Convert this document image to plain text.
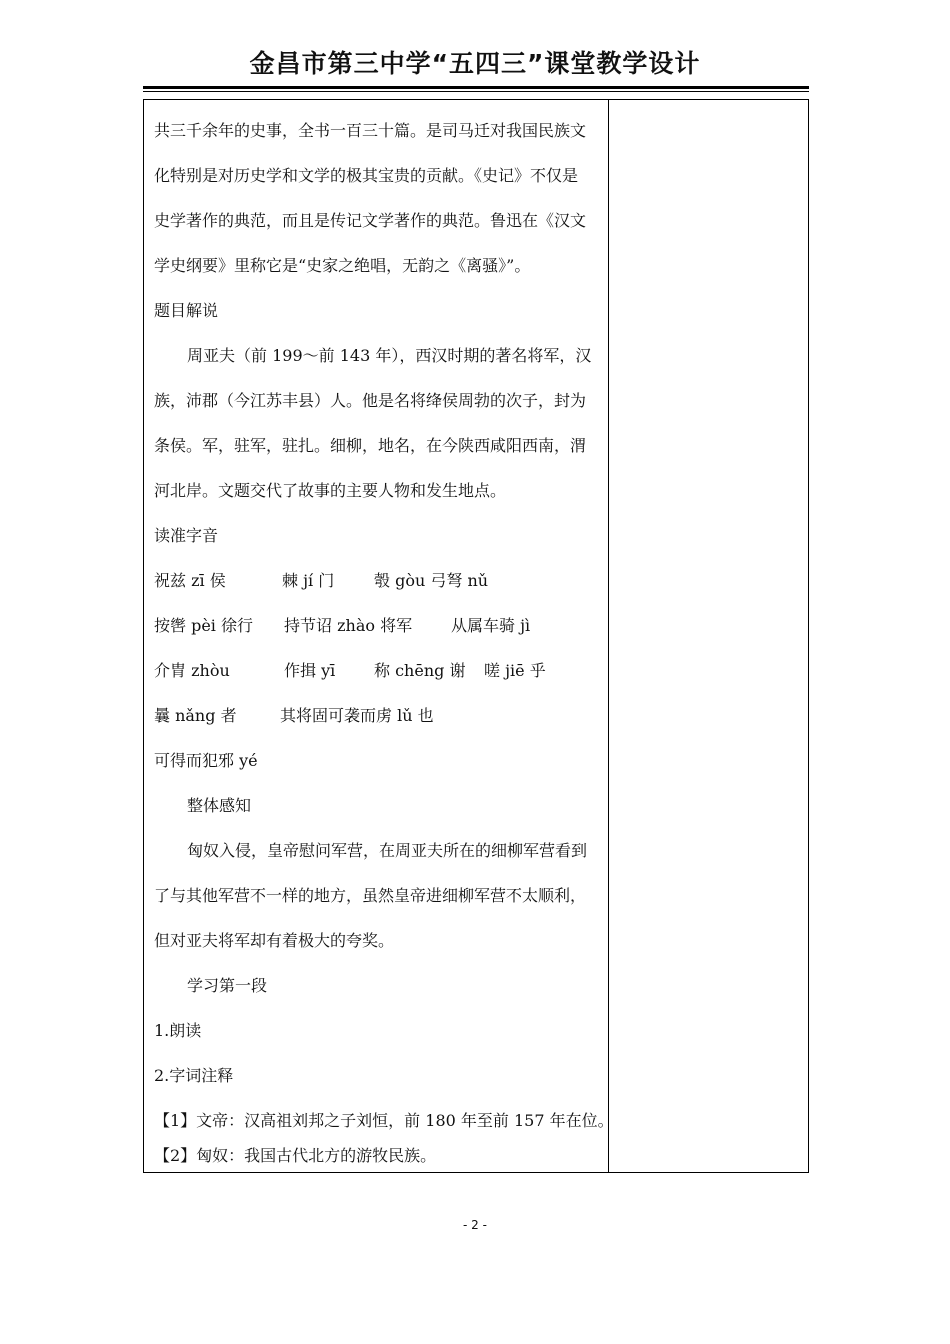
金昌市第三中学“五四三”课堂教学设计
共三千余年的史事，全书一百三十篇。是司马迁对我国民族文
化特别是对历史学和文学的极其宝贵的贡献。《史记》不仅是
史学著作的典范，而且是传记文学著作的典范。鲁迅在《汉文
学史纲要》里称它是“史家之绝唱，无韵之《离骚》”。
题目解说
周亚夫（前 199～前 143 年），西汉时期的著名将军，汉
族，沛郡（今江苏丰县）人。他是名将绛侯周勃的次子，封为
条侯。军，驻军，驻扎。细柳，地名，在今陕西咸阳西南，渭
河北岸。文题交代了故事的主要人物和发生地点。
读准字音
祝兹 zī 侯	棘 jí 门 彀 gòu 弓弩 nǔ
按辔 pèi 徐行 持节诏 zhào 将军 从属车骑 jì
介胄 zhòu	作揖 yī 称 chēng 谢 嗟 jiē 乎
曩 nǎng 者	其将固可袭而虏 lǔ 也
可得而犯邪 yé
整体感知
匈奴入侵，皇帝慰问军营，在周亚夫所在的细柳军营看到
了与其他军营不一样的地方，虽然皇帝进细柳军营不太顺利，
但对亚夫将军却有着极大的夸奖。
学习第一段
1.朗读
2.字词注释
【1】文帝：汉高祖刘邦之子刘恒，前 180 年至前 157 年在位。
【2】匈奴：我国古代北方的游牧民族。
- 2 -
